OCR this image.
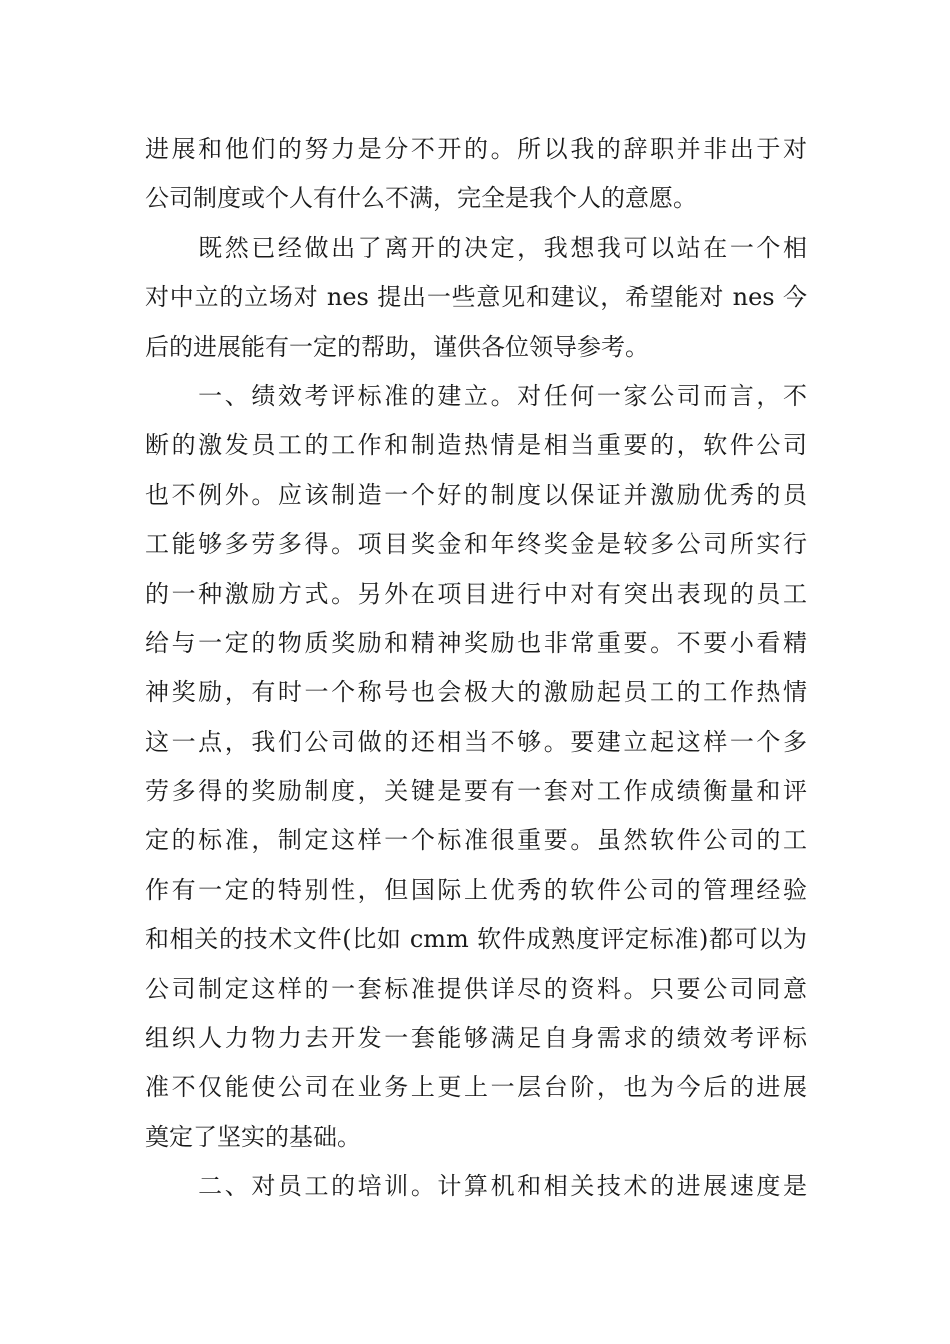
进展和他们的努力是分不开的。所以我的辞职并非出于对
公司制度或个人有什么不满，完全是我个人的意愿。
　　既然已经做出了离开的决定，我想我可以站在一个相
对中立的立场对 nes 提出一些意见和建议，希望能对 nes 今
后的进展能有一定的帮助，谨供各位领导参考。
　　一、绩效考评标准的建立。对任何一家公司而言，不
断的激发员工的工作和制造热情是相当重要的，软件公司
也不例外。应该制造一个好的制度以保证并激励优秀的员
工能够多劳多得。项目奖金和年终奖金是较多公司所实行
的一种激励方式。另外在项目进行中对有突出表现的员工
给与一定的物质奖励和精神奖励也非常重要。不要小看精
神奖励，有时一个称号也会极大的激励起员工的工作热情
这一点，我们公司做的还相当不够。要建立起这样一个多
劳多得的奖励制度，关键是要有一套对工作成绩衡量和评
定的标准，制定这样一个标准很重要。虽然软件公司的工
作有一定的特别性，但国际上优秀的软件公司的管理经验
和相关的技术文件(比如 cmm 软件成熟度评定标准)都可以为
公司制定这样的一套标准提供详尽的资料。只要公司同意
组织人力物力去开发一套能够满足自身需求的绩效考评标
准不仅能使公司在业务上更上一层台阶，也为今后的进展
奠定了坚实的基础。
　　二、对员工的培训。计算机和相关技术的进展速度是
